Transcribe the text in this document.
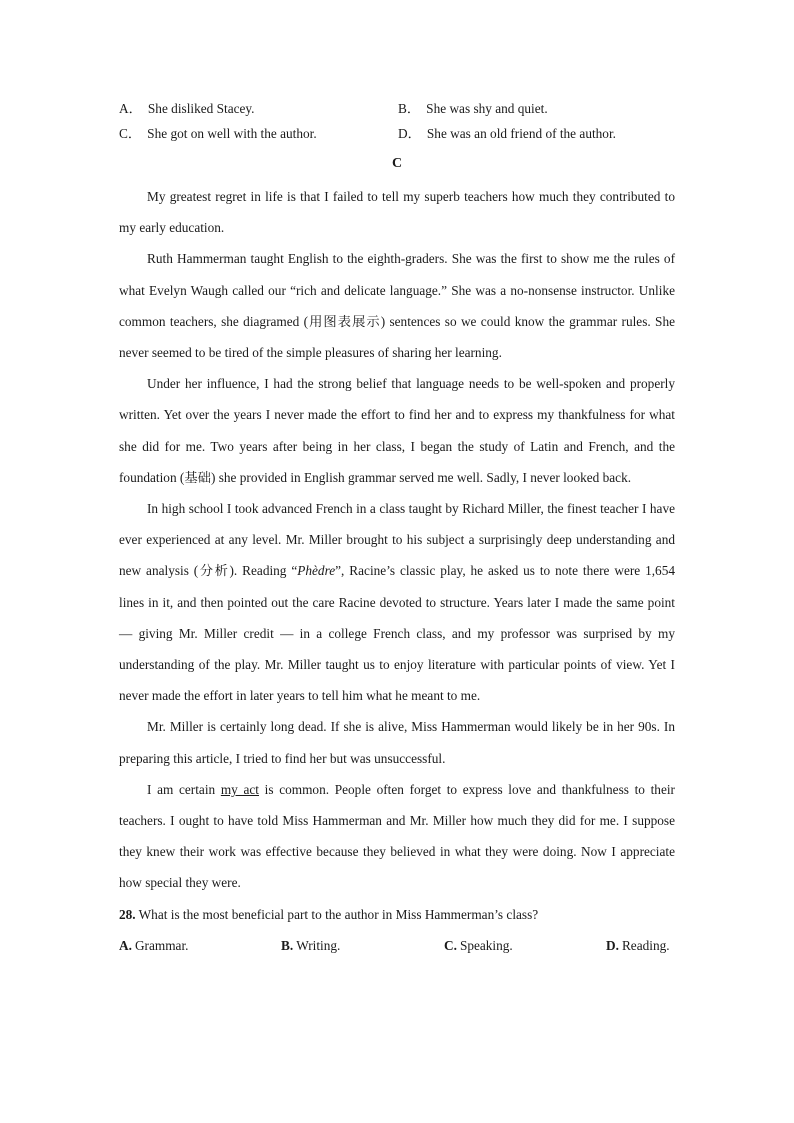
A． She disliked Stacey.	B． She was shy and quiet.
C． She got on well with the author.	D． She was an old friend of the author.
C

My greatest regret in life is that I failed to tell my superb teachers how much they contributed to my early education.

Ruth Hammerman taught English to the eighth-graders. She was the first to show me the rules of what Evelyn Waugh called our “rich and delicate language.” She was a no-nonsense instructor. Unlike common teachers, she diagramed (用图表展示) sentences so we could know the grammar rules. She never seemed to be tired of the simple pleasures of sharing her learning.

Under her influence, I had the strong belief that language needs to be well-spoken and properly written. Yet over the years I never made the effort to find her and to express my thankfulness for what she did for me. Two years after being in her class, I began the study of Latin and French, and the foundation (基础) she provided in English grammar served me well. Sadly, I never looked back.

In high school I took advanced French in a class taught by Richard Miller, the finest teacher I have ever experienced at any level. Mr. Miller brought to his subject a surprisingly deep understanding and new analysis (分析). Reading “Phèdre”, Racine’s classic play, he asked us to note there were 1,654 lines in it, and then pointed out the care Racine devoted to structure. Years later I made the same point — giving Mr. Miller credit — in a college French class, and my professor was surprised by my understanding of the play. Mr. Miller taught us to enjoy literature with particular points of view. Yet I never made the effort in later years to tell him what he meant to me.

Mr. Miller is certainly long dead. If she is alive, Miss Hammerman would likely be in her 90s. In preparing this article, I tried to find her but was unsuccessful.

I am certain my act is common. People often forget to express love and thankfulness to their teachers. I ought to have told Miss Hammerman and Mr. Miller how much they did for me. I suppose they knew their work was effective because they believed in what they were doing. Now I appreciate how special they were.

28. What is the most beneficial part to the author in Miss Hammerman’s class?

A. Grammar.	B. Writing.	C. Speaking.	D. Reading.
